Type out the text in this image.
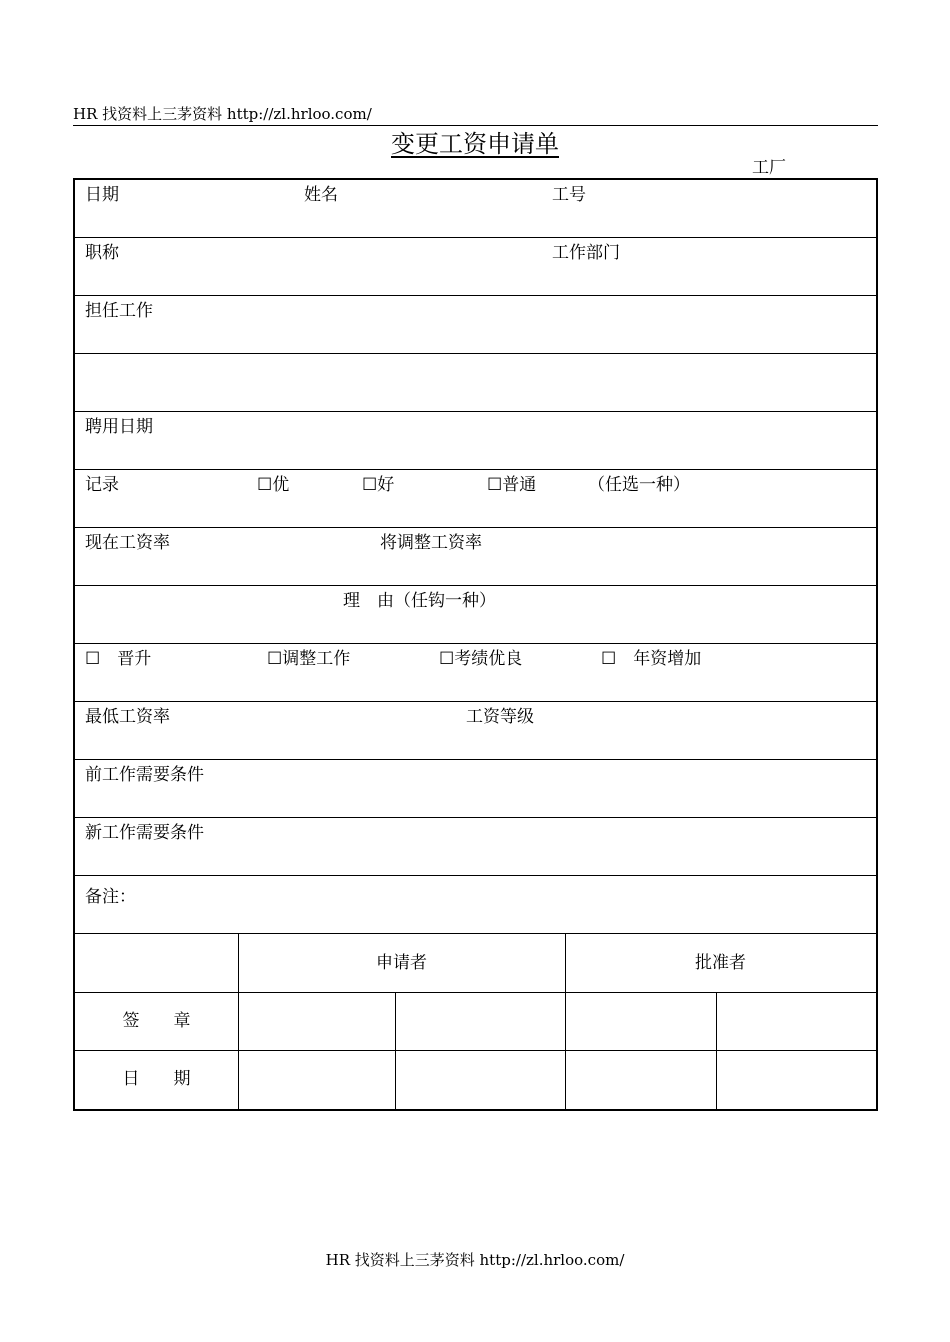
HR 找资料上三茅资料 http://zl.hrloo.com/
变更工资申请单
工厂
日期	姓名	工号
职称	工作部门
担任工作
聘用日期
记录	☐优	☐好	☐普通	（任选一种）
现在工资率	将调整工资率
理　由（任钩一种）
☐　晋升	☐调整工作	☐考绩优良	☐　年资增加
最低工资率	工资等级
前工作需要条件
新工作需要条件
备注：
申请者	批准者
签　　章
日　　期
HR 找资料上三茅资料 http://zl.hrloo.com/
